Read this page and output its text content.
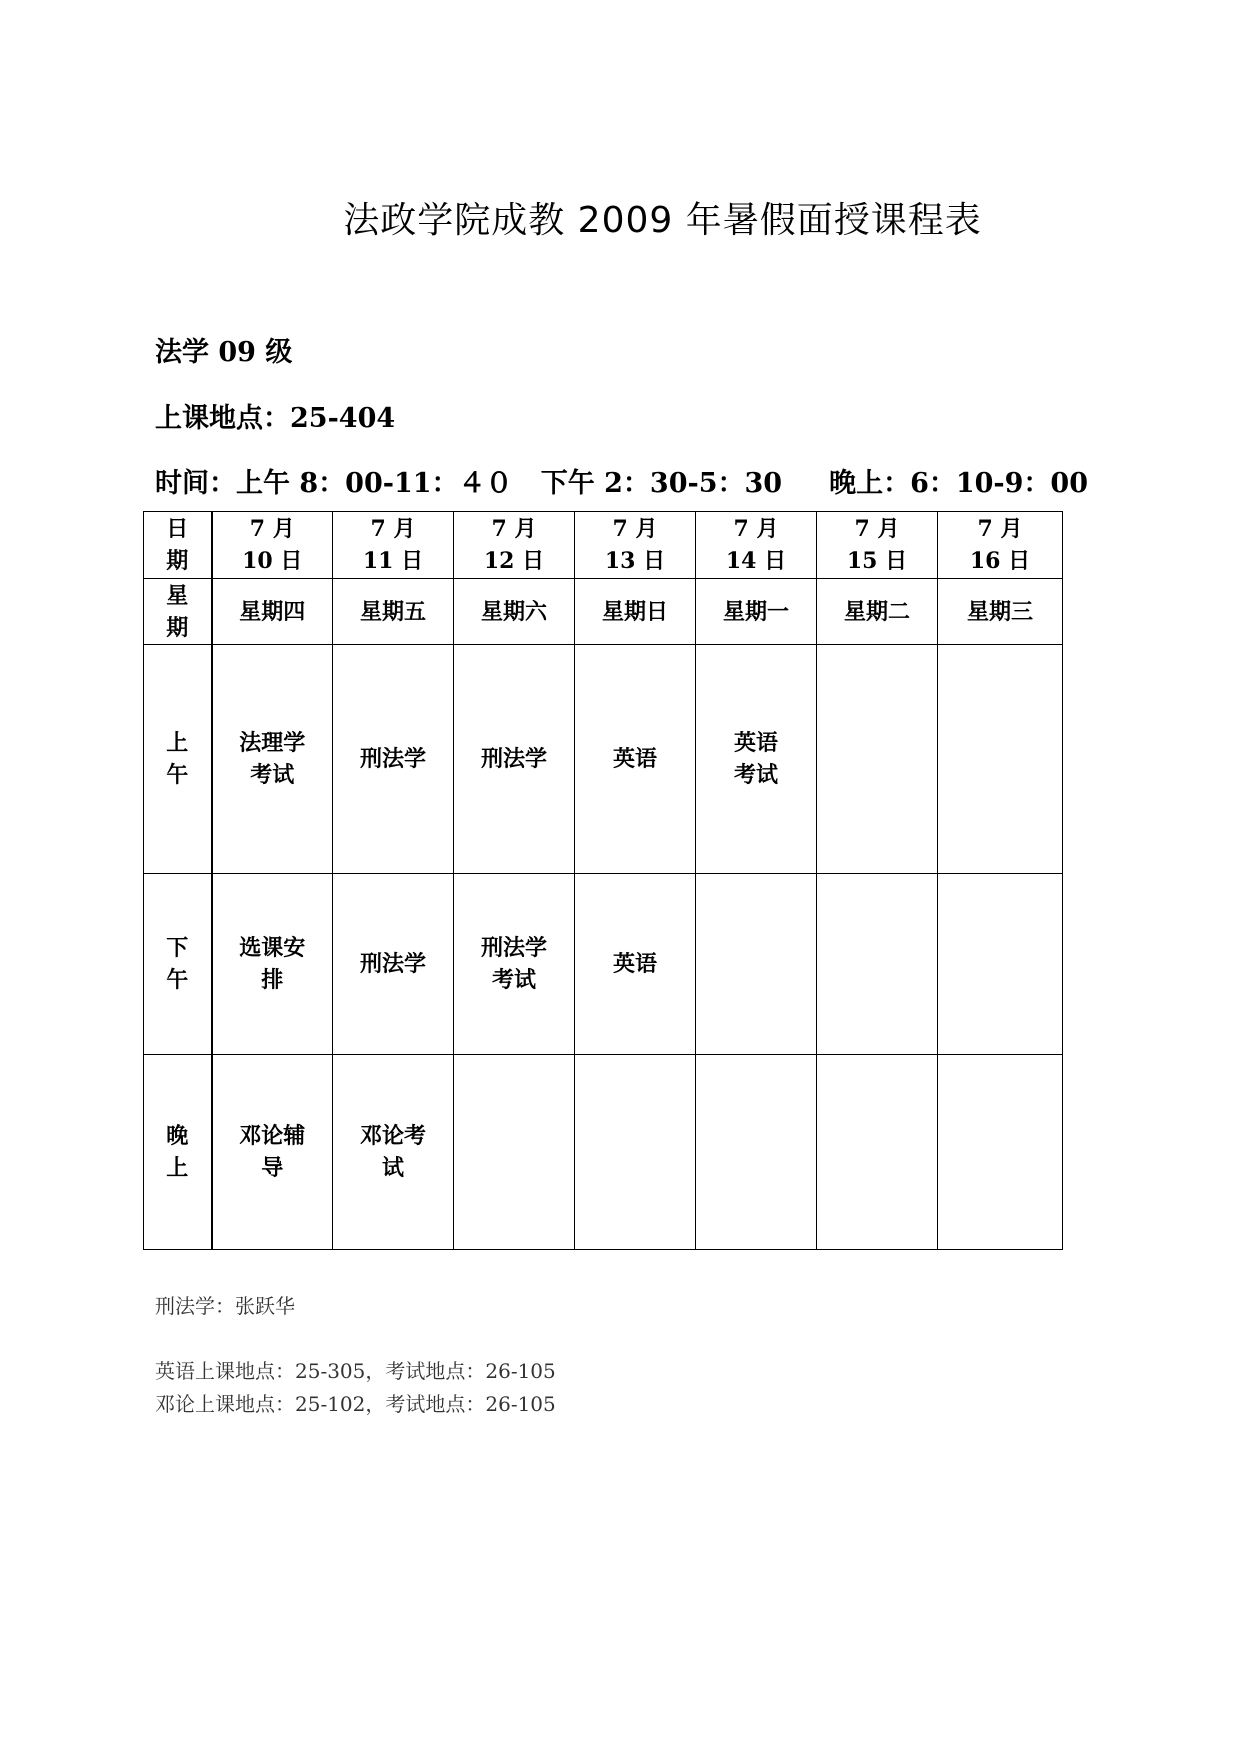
法政学院成教 2009 年暑假面授课程表
法学 09 级
上课地点：25-404
时间：上午 8：00-11：４０   下午 2：30-5：30     晚上：6：10-9：00
日期	7 月 10 日	7 月 11 日	7 月 12 日	7 月 13 日	7 月 14 日	7 月 15 日	7 月 16 日
星期	星期四	星期五	星期六	星期日	星期一	星期二	星期三
上午	法理学考试	刑法学	刑法学	英语	英语考试		
下午	选课安排	刑法学	刑法学考试	英语			
晚上	邓论辅导	邓论考试					
刑法学：张跃华
英语上课地点：25-305，考试地点：26-105
邓论上课地点：25-102，考试地点：26-105
